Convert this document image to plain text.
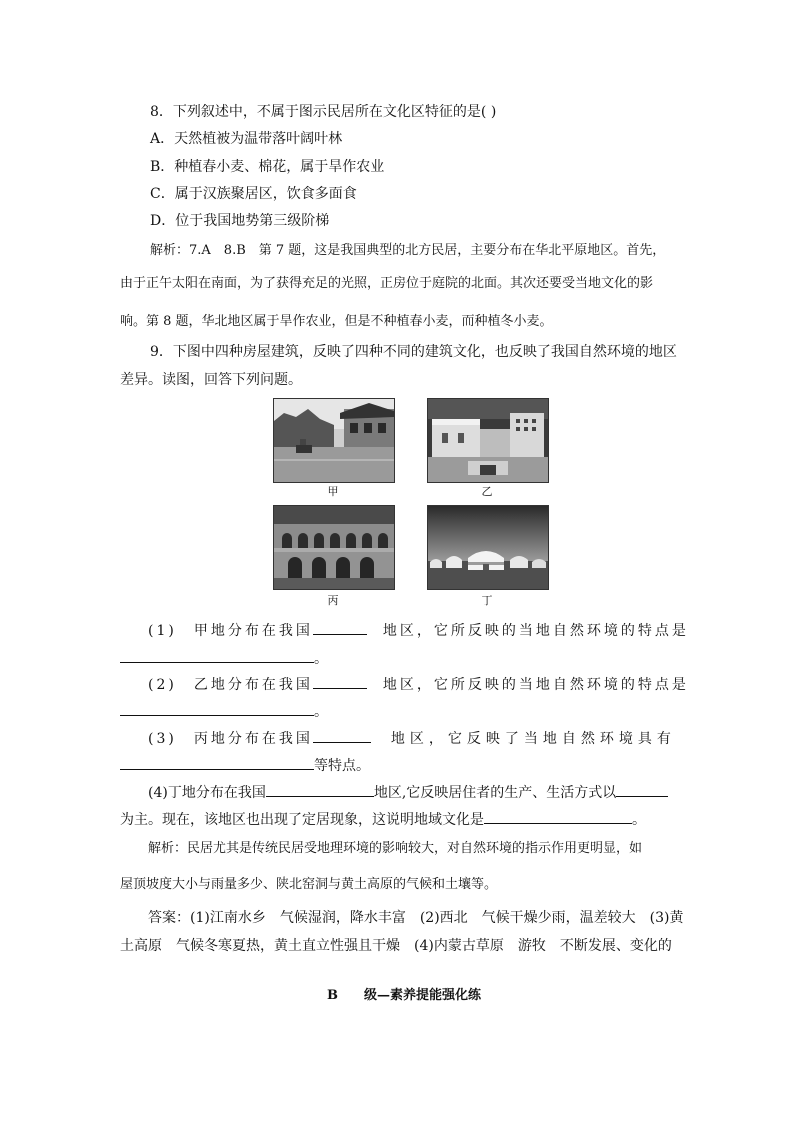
8．下列叙述中，不属于图示民居所在文化区特征的是( )
A．天然植被为温带落叶阔叶林
B．种植春小麦、棉花，属于旱作农业
C．属于汉族聚居区，饮食多面食
D．位于我国地势第三级阶梯
解析：7.A　8.B　第 7 题，这是我国典型的北方民居，主要分布在华北平原地区。首先，
由于正午太阳在南面，为了获得充足的光照，正房位于庭院的北面。其次还要受当地文化的影
响。第 8 题，华北地区属于旱作农业，但是不种植春小麦，而种植冬小麦。
9．下图中四种房屋建筑，反映了四种不同的建筑文化，也反映了我国自然环境的地区
差异。读图，回答下列问题。
甲	乙
丙	丁
(1)　甲地分布在我国	地区，它所反映的当地自然环境的特点是
。
(2)　乙地分布在我国	地区，它所反映的当地自然环境的特点是
。
(3)　丙地分布在我国	地区，它反映了当地自然环境具有
等特点。
(4)丁地分布在我国	地区,它反映居住者的生产、生活方式以
为主。现在，该地区也出现了定居现象，这说明地域文化是	。
解析：民居尤其是传统民居受地理环境的影响较大，对自然环境的指示作用更明显，如
屋顶坡度大小与雨量多少、陕北窑洞与黄土高原的气候和土壤等。
答案：(1)江南水乡　气候湿润，降水丰富　(2)西北　气候干燥少雨，温差较大　(3)黄
土高原　气候冬寒夏热，黄土直立性强且干燥　(4)内蒙古草原　游牧　不断发展、变化的
B　　级—素养提能强化练
